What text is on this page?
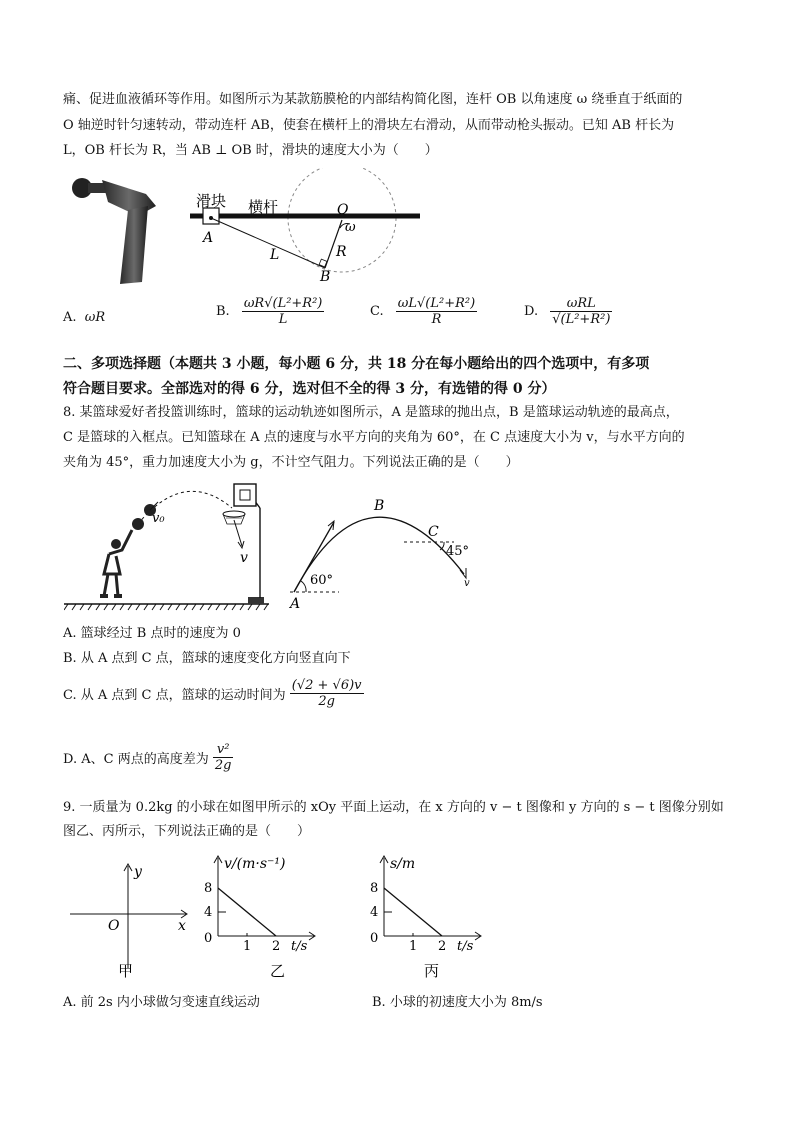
痛、促进血液循环等作用。如图所示为某款筋膜枪的内部结构简化图，连杆 OB 以角速度 ω 绕垂直于纸面的
O 轴逆时针匀速转动，带动连杆 AB，使套在横杆上的滑块左右滑动，从而带动枪头振动。已知 AB 杆长为
L，OB 杆长为 R，当 AB ⊥ OB 时，滑块的速度大小为（　　）
滑块 横杆	O
ω
A
L	R
B
A. ωR	B. $\frac{\text{ωR√(L²+R²)}}{L}$	C. $\frac{\text{ωL√(L²+R²)}}{R}$	D. $\frac{\text{ωRL}}{\text{√(L²+R²)}}$
二、多项选择题（本题共 3 小题，每小题 6 分，共 18 分在每小题给出的四个选项中，有多项
符合题目要求。全部选对的得 6 分，选对但不全的得 3 分，有选错的得 0 分）
8. 某篮球爱好者投篮训练时，篮球的运动轨迹如图所示，A 是篮球的抛出点，B 是篮球运动轨迹的最高点，
C 是篮球的入框点。已知篮球在 A 点的速度与水平方向的夹角为 60°，在 C 点速度大小为 v，与水平方向的
夹角为 45°，重力加速度大小为 g，不计空气阻力。下列说法正确的是（　　）
v₀
v
A
B
C
60°
45°
v
A. 篮球经过 B 点时的速度为 0
B. 从 A 点到 C 点，篮球的速度变化方向竖直向下
C. 从 A 点到 C 点，篮球的运动时间为 $\frac{(√2 + √6)v}{2g}$
D. A、C 两点的高度差为 $\frac{\text{v²}}{2g}$
9. 一质量为 0.2kg 的小球在如图甲所示的 xOy 平面上运动，在 x 方向的 v − t 图像和 y 方向的 s − t 图像分别如
图乙、丙所示，下列说法正确的是（　　）
y
O	x
甲
v/(m·s⁻¹)
8
4
0
1 2 t/s
乙
s/m
8
4
0
1 2 t/s
丙
A. 前 2s 内小球做匀变速直线运动	B. 小球的初速度大小为 8m/s
